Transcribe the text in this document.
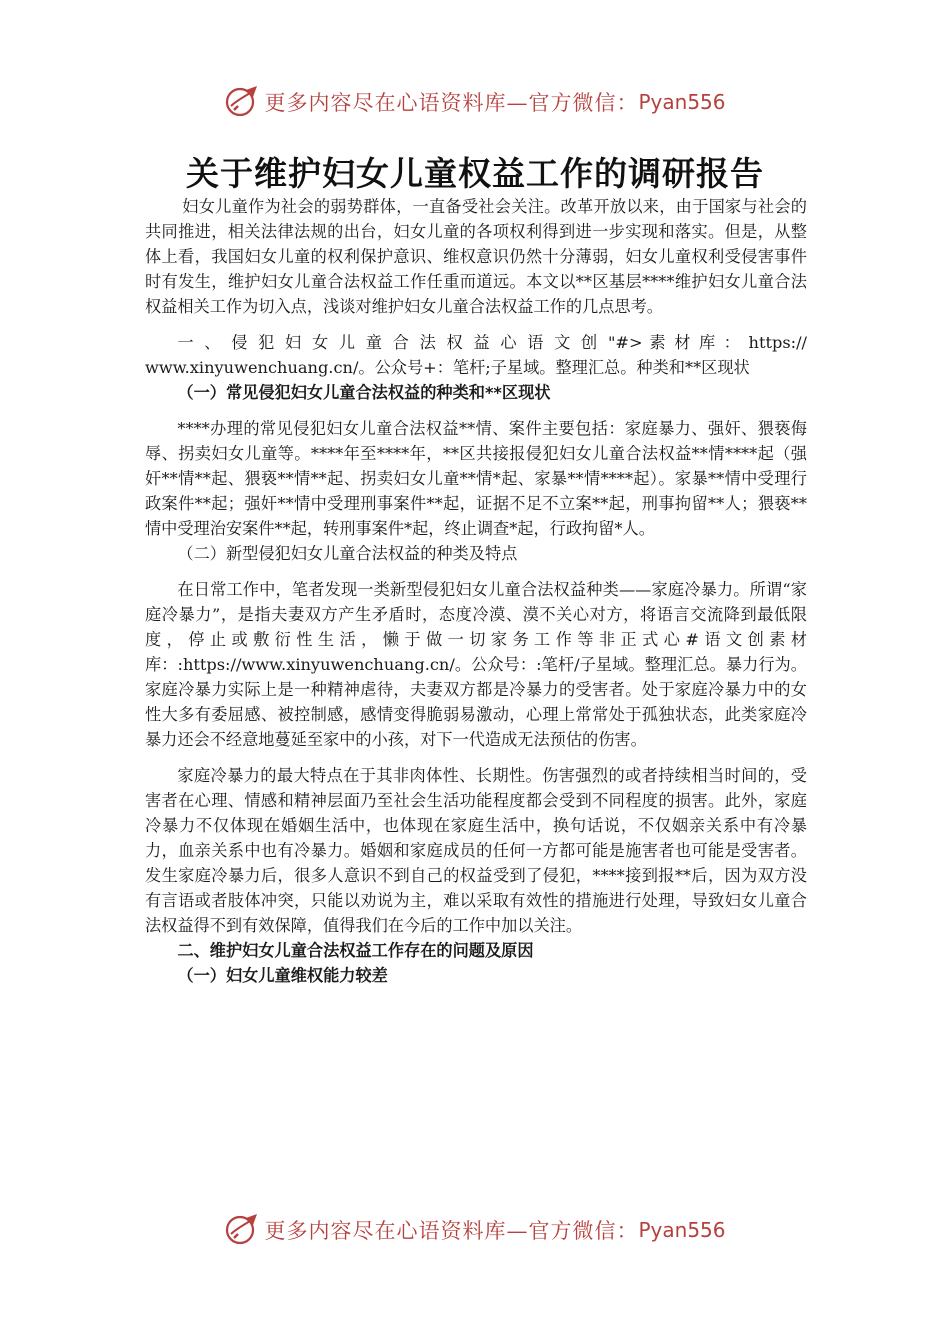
更多内容尽在心语资料库—官方微信： Pyan556
关于维护妇女儿童权益工作的调研报告

妇女儿童作为社会的弱势群体，一直备受社会关注。改革开放以来，由于国家与社会的共同推进，相关法律法规的出台，妇女儿童的各项权利得到进一步实现和落实。但是，从整体上看，我国妇女儿童的权利保护意识、维权意识仍然十分薄弱，妇女儿童权利受侵害事件时有发生，维护妇女儿童合法权益工作任重而道远。本文以**区基层****维护妇女儿童合法权益相关工作为切入点，浅谈对维护妇女儿童合法权益工作的几点思考。

一、侵犯妇女儿童合法权益心语文创"#> 素 材 库 ： https://
www.xinyuwenchuang.cn/。公众号+：笔杆;子星域。整理汇总。种类和**区现状

（一）常见侵犯妇女儿童合法权益的种类和**区现状

****办理的常见侵犯妇女儿童合法权益**情、案件主要包括：家庭暴力、强奸、猥亵侮辱、拐卖妇女儿童等。****年至****年，**区共接报侵犯妇女儿童合法权益**情****起（强奸**情**起、猥亵**情**起、拐卖妇女儿童**情*起、家暴**情****起）。家暴**情中受理行政案件**起；强奸**情中受理刑事案件**起，证据不足不立案**起，刑事拘留**人；猥亵**情中受理治安案件**起，转刑事案件*起，终止调查*起，行政拘留*人。

（二）新型侵犯妇女儿童合法权益的种类及特点

在日常工作中，笔者发现一类新型侵犯妇女儿童合法权益种类——家庭冷暴力。所谓“家庭冷暴力”，是指夫妻双方产生矛盾时，态度冷漠、漠不关心对方，将语言交流降到最低限度，停止或敷衍性生活，懒于做一切家务工作等非正式心#语文创素材库：:https://www.xinyuwenchuang.cn/。公众号：:笔杆/子星域。整理汇总。暴力行为。家庭冷暴力实际上是一种精神虐待，夫妻双方都是冷暴力的受害者。处于家庭冷暴力中的女性大多有委屈感、被控制感，感情变得脆弱易激动，心理上常常处于孤独状态，此类家庭冷暴力还会不经意地蔓延至家中的小孩，对下一代造成无法预估的伤害。

家庭冷暴力的最大特点在于其非肉体性、长期性。伤害强烈的或者持续相当时间的，受害者在心理、情感和精神层面乃至社会生活功能程度都会受到不同程度的损害。此外，家庭冷暴力不仅体现在婚姻生活中，也体现在家庭生活中，换句话说，不仅姻亲关系中有冷暴力，血亲关系中也有冷暴力。婚姻和家庭成员的任何一方都可能是施害者也可能是受害者。发生家庭冷暴力后，很多人意识不到自己的权益受到了侵犯，****接到报**后，因为双方没有言语或者肢体冲突，只能以劝说为主，难以采取有效性的措施进行处理，导致妇女儿童合法权益得不到有效保障，值得我们在今后的工作中加以关注。

二、维护妇女儿童合法权益工作存在的问题及原因

（一）妇女儿童维权能力较差

更多内容尽在心语资料库—官方微信： Pyan556
